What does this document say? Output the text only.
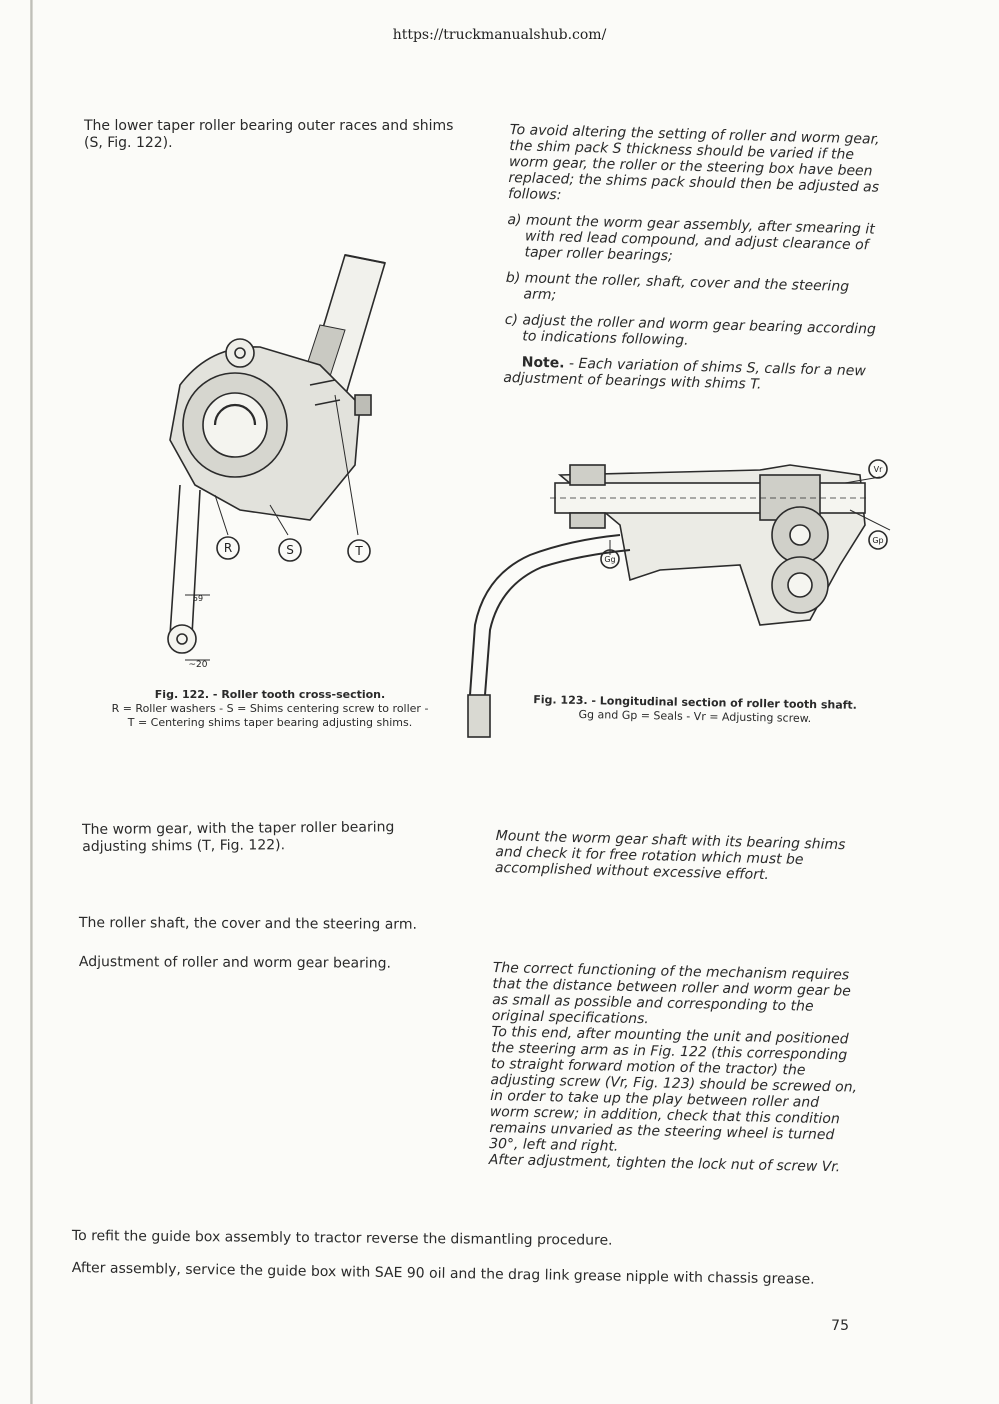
https://truckmanualshub.com/
The lower taper roller bearing outer races and shims (S, Fig. 122).
The worm gear, with the taper roller bearing adjusting shims (T, Fig. 122).
The roller shaft, the cover and the steering arm.
Adjustment of roller and worm gear bearing.

To avoid altering the setting of roller and worm gear, the shim pack S thickness should be varied if the worm gear, the roller or the steering box have been replaced; the shims pack should then be adjusted as follows:

a) mount the worm gear assembly, after smearing it with red lead compound, and adjust clearance of taper roller bearings;

b) mount the roller, shaft, cover and the steering arm;

c) adjust the roller and worm gear bearing according to indications following.

Note. - Each variation of shims S, calls for a new adjustment of bearings with shims T.

Mount the worm gear shaft with its bearing shims and check it for free rotation which must be accomplished without excessive effort.

The correct functioning of the mechanism requires that the distance between roller and worm gear be as small as possible and corresponding to the original specifications.

To this end, after mounting the unit and positioned the steering arm as in Fig. 122 (this corresponding to straight forward motion of the tractor) the adjusting screw (Vr, Fig. 123) should be screwed on, in order to take up the play between roller and worm screw; in addition, check that this condition remains unvaried as the steering wheel is turned 30°, left and right.

After adjustment, tighten the lock nut of screw Vr.

R	S	T
59
~20
Fig. 122. - Roller tooth cross-section.
R = Roller washers - S = Shims centering screw to roller -
T = Centering shims taper bearing adjusting shims.
Gg
Vr
Gp
Fig. 123. - Longitudinal section of roller tooth shaft.
Gg and Gp = Seals - Vr = Adjusting screw.
To refit the guide box assembly to tractor reverse the dismantling procedure.
After assembly, service the guide box with SAE 90 oil and the drag link grease nipple with chassis grease.
75
